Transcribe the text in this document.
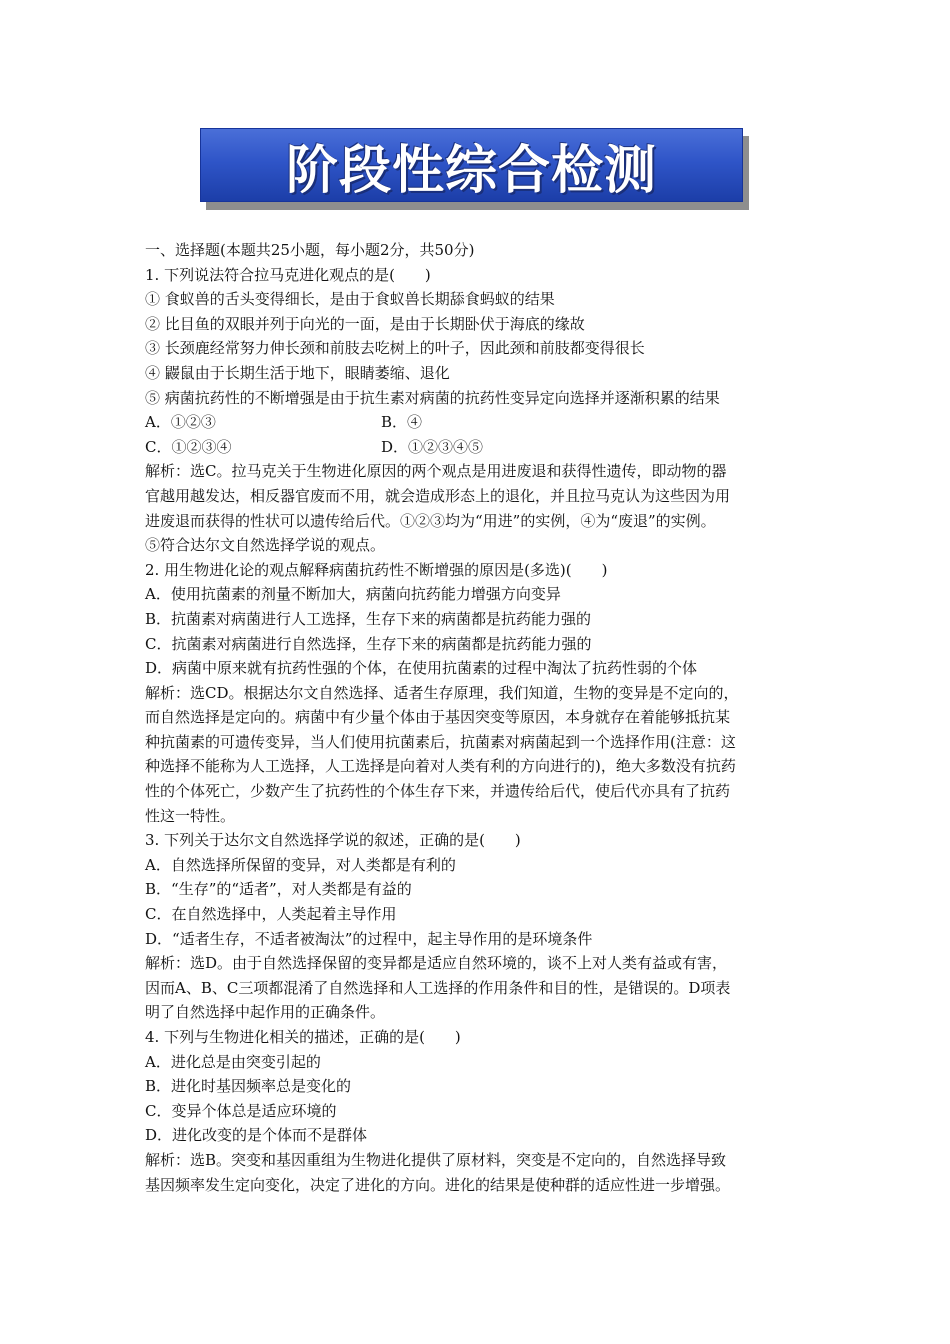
阶段性综合检测
一、选择题(本题共25小题，每小题2分，共50分)
1. 下列说法符合拉马克进化观点的是(　　)
① 食蚁兽的舌头变得细长，是由于食蚁兽长期舔食蚂蚁的结果
② 比目鱼的双眼并列于向光的一面，是由于长期卧伏于海底的缘故
③ 长颈鹿经常努力伸长颈和前肢去吃树上的叶子，因此颈和前肢都变得很长
④ 鼹鼠由于长期生活于地下，眼睛萎缩、退化
⑤ 病菌抗药性的不断增强是由于抗生素对病菌的抗药性变异定向选择并逐渐积累的结果
A．①②③	B．④
C．①②③④	D．①②③④⑤
解析：选C。拉马克关于生物进化原因的两个观点是用进废退和获得性遗传，即动物的器
官越用越发达，相反器官废而不用，就会造成形态上的退化，并且拉马克认为这些因为用
进废退而获得的性状可以遗传给后代。①②③均为“用进”的实例，④为“废退”的实例。
⑤符合达尔文自然选择学说的观点。
2. 用生物进化论的观点解释病菌抗药性不断增强的原因是(多选)(　　)
A．使用抗菌素的剂量不断加大，病菌向抗药能力增强方向变异
B．抗菌素对病菌进行人工选择，生存下来的病菌都是抗药能力强的
C．抗菌素对病菌进行自然选择，生存下来的病菌都是抗药能力强的
D．病菌中原来就有抗药性强的个体，在使用抗菌素的过程中淘汰了抗药性弱的个体
解析：选CD。根据达尔文自然选择、适者生存原理，我们知道，生物的变异是不定向的，
而自然选择是定向的。病菌中有少量个体由于基因突变等原因，本身就存在着能够抵抗某
种抗菌素的可遗传变异，当人们使用抗菌素后，抗菌素对病菌起到一个选择作用(注意：这
种选择不能称为人工选择，人工选择是向着对人类有利的方向进行的)，绝大多数没有抗药
性的个体死亡，少数产生了抗药性的个体生存下来，并遗传给后代，使后代亦具有了抗药
性这一特性。
3. 下列关于达尔文自然选择学说的叙述，正确的是(　　)
A．自然选择所保留的变异，对人类都是有利的
B．“生存”的“适者”，对人类都是有益的
C．在自然选择中，人类起着主导作用
D．“适者生存，不适者被淘汰”的过程中，起主导作用的是环境条件
解析：选D。由于自然选择保留的变异都是适应自然环境的，谈不上对人类有益或有害，
因而A、B、C三项都混淆了自然选择和人工选择的作用条件和目的性，是错误的。D项表
明了自然选择中起作用的正确条件。
4. 下列与生物进化相关的描述，正确的是(　　)
A．进化总是由突变引起的
B．进化时基因频率总是变化的
C．变异个体总是适应环境的
D．进化改变的是个体而不是群体
解析：选B。突变和基因重组为生物进化提供了原材料，突变是不定向的，自然选择导致
基因频率发生定向变化，决定了进化的方向。进化的结果是使种群的适应性进一步增强。
